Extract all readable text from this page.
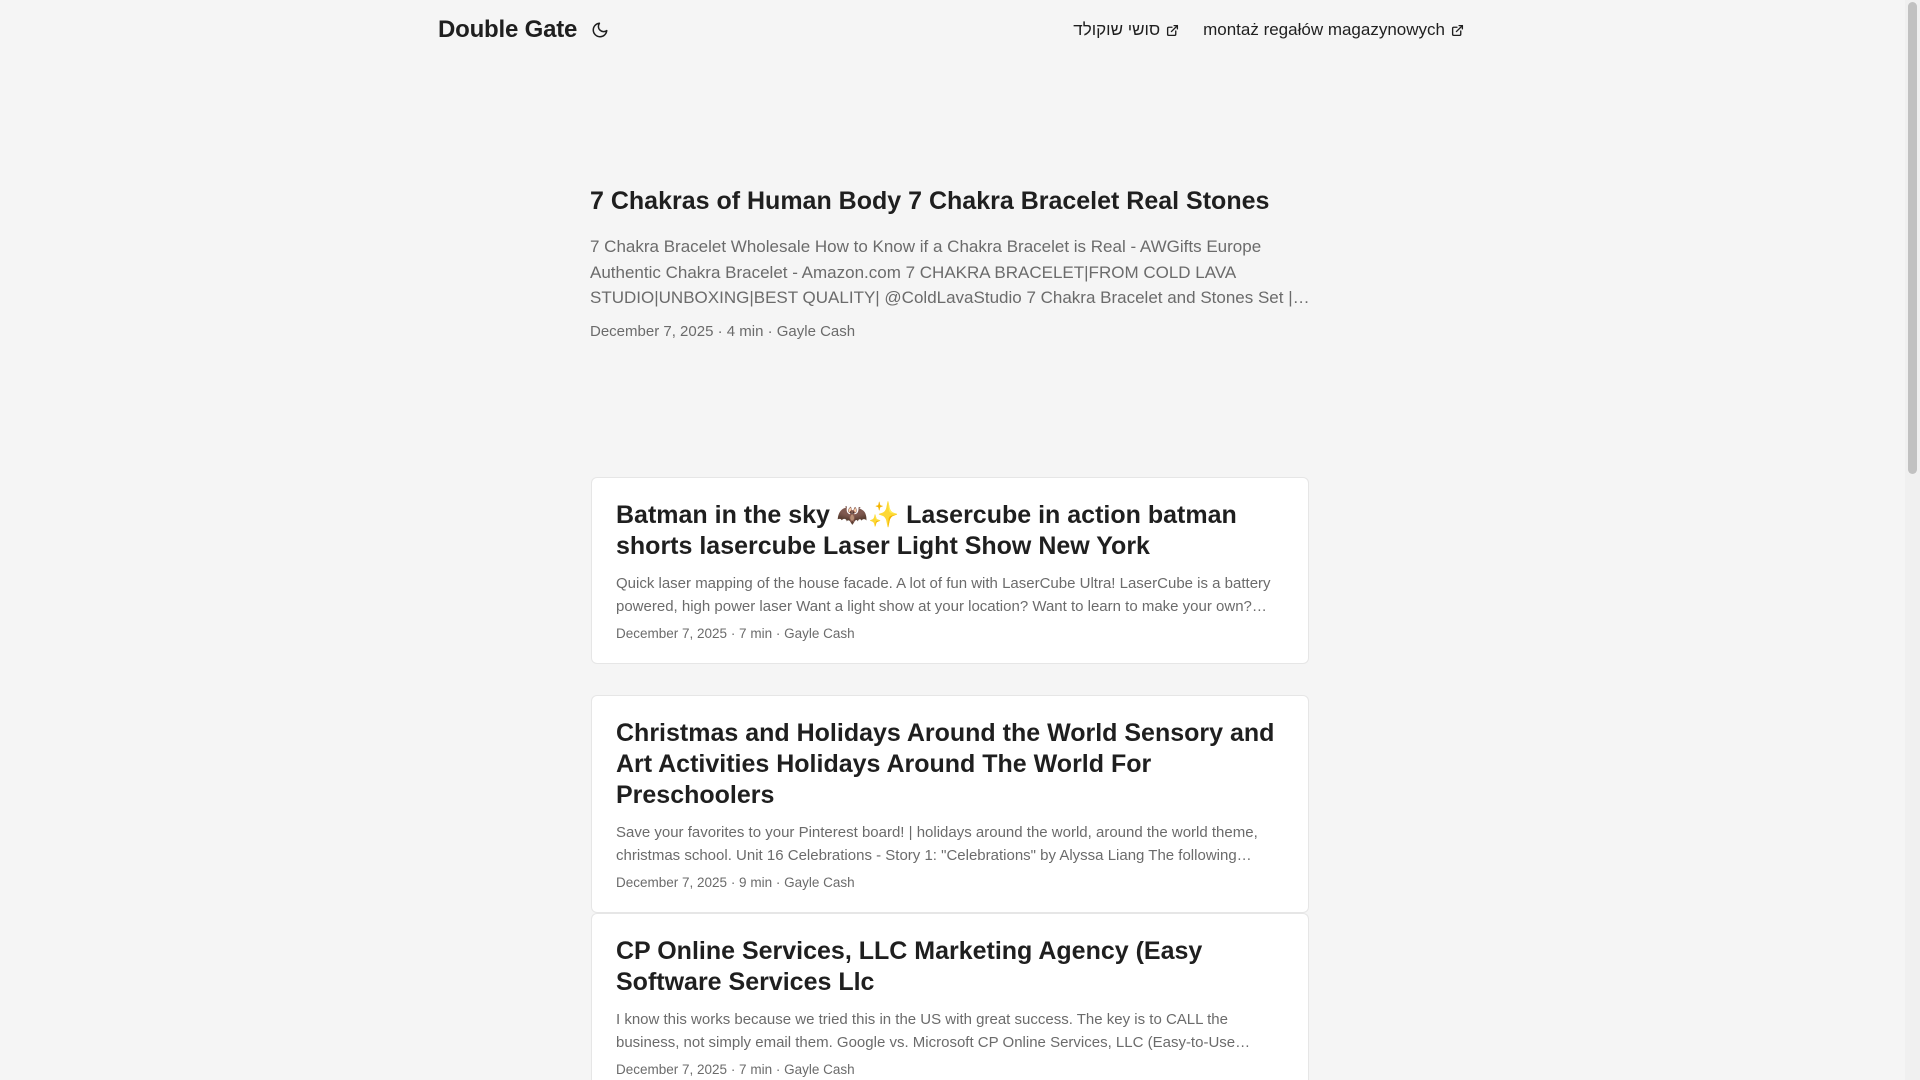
Double Gate	סושי שוקולד	montaż regałów magazynowych
7 Chakras of Human Body 7 Chakra Bracelet Real Stones

7 Chakra Bracelet Wholesale How to Know if a Chakra Bracelet is Real - AWGifts Europe Authentic Chakra Bracelet - Amazon.com 7 CHAKRA BRACELET|FROM COLD LAVA STUDIO|UNBOXING|BEST QUALITY| @ColdLavaStudio 7 Chakra Bracelet and Stones Set |

December 7, 2025 · 4 min · Gayle Cash
Batman in the sky 🦇✨ Lasercube in action batman shorts lasercube Laser Light Show New York

Quick laser mapping of the house facade. A lot of fun with LaserCube Ultra! LaserCube is a battery powered, high power laser Want a light show at your location? Want to learn to make your own?

December 7, 2025 · 7 min · Gayle Cash
Christmas and Holidays Around the World Sensory and Art Activities Holidays Around The World For Preschoolers

Save your favorites to your Pinterest board! | holidays around the world, around the world theme, christmas school. Unit 16 Celebrations - Story 1: "Celebrations" by Alyssa Liang The following

December 7, 2025 · 9 min · Gayle Cash
CP Online Services, LLC Marketing Agency (Easy Software Services Llc

I know this works because we tried this in the US with great success. The key is to CALL the business, not simply email them. Google vs. Microsoft CP Online Services, LLC (Easy-to-Use

December 7, 2025 · 7 min · Gayle Cash
